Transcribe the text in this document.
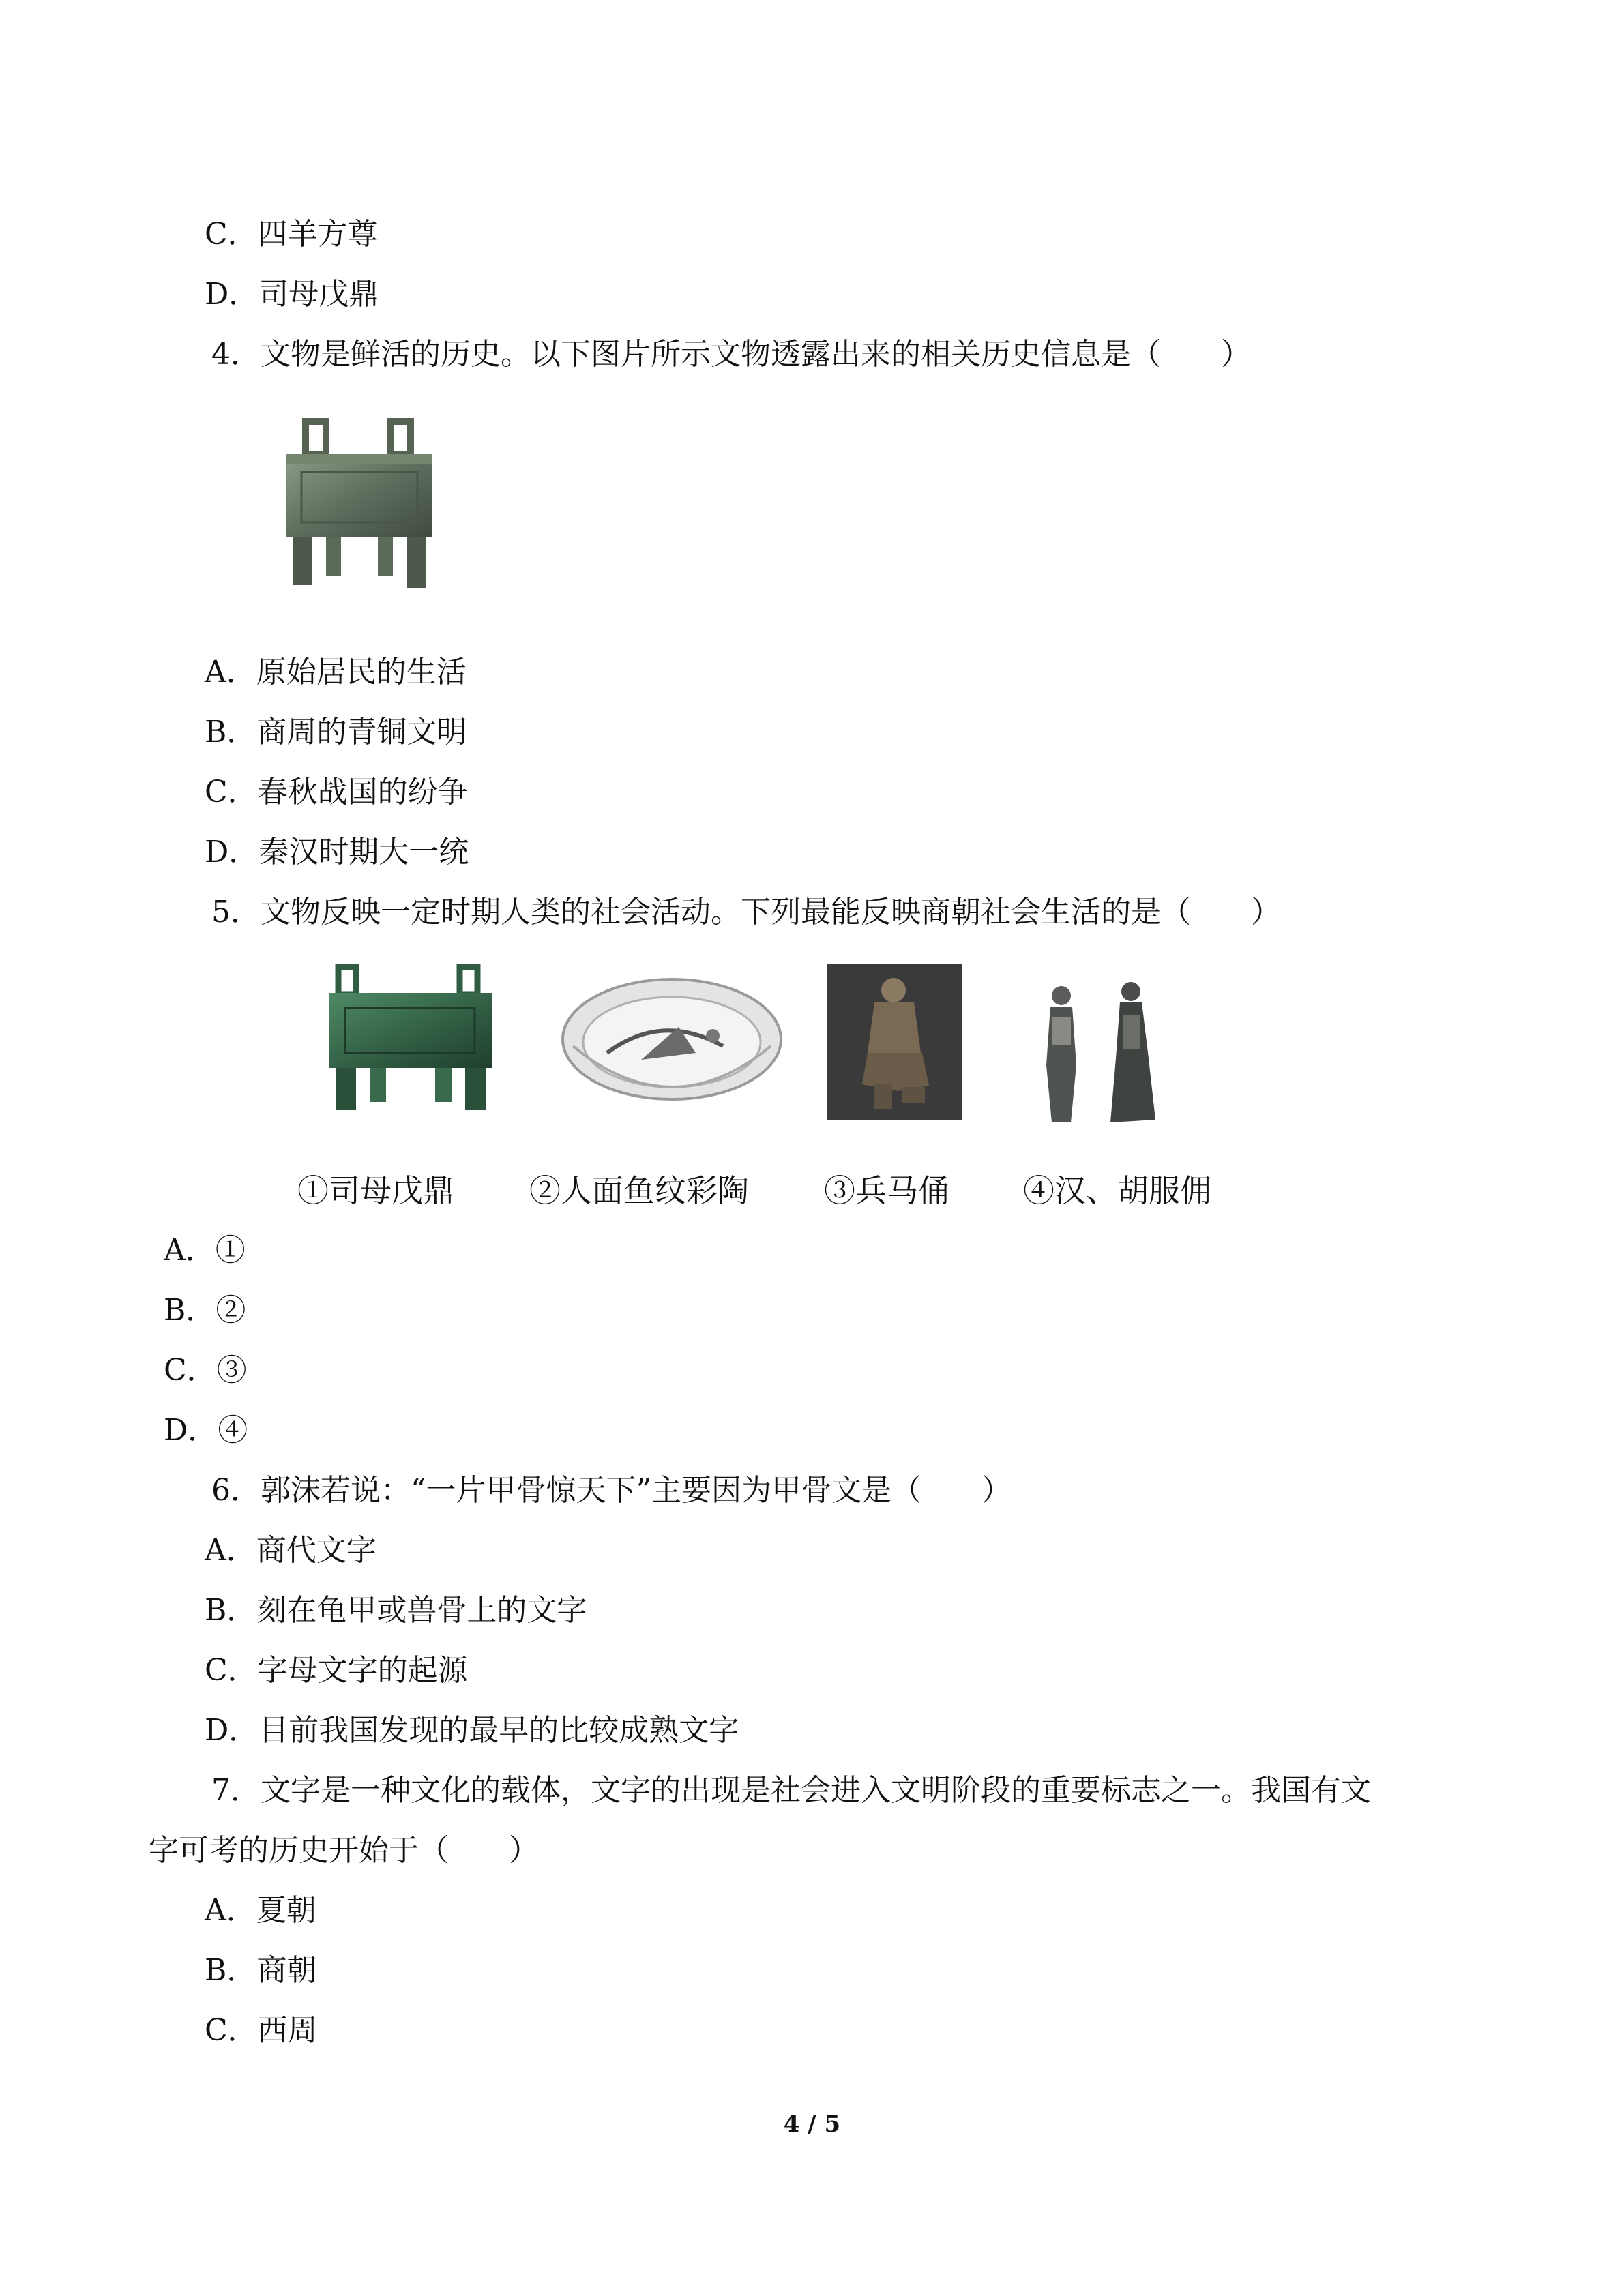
C．四羊方尊
D．司母戊鼎
4．文物是鲜活的历史。以下图片所示文物透露出来的相关历史信息是（　　）
A．原始居民的生活
B．商周的青铜文明
C．春秋战国的纷争
D．秦汉时期大一统
5．文物反映一定时期人类的社会活动。下列最能反映商朝社会生活的是（　　）
①司母戊鼎 ②人面鱼纹彩陶 ③兵马俑 ④汉、胡服佣
A．①
B．②
C．③
D．④
6．郭沫若说：“一片甲骨惊天下”主要因为甲骨文是（　　）
A．商代文字
B．刻在龟甲或兽骨上的文字
C．字母文字的起源
D．目前我国发现的最早的比较成熟文字
7．文字是一种文化的载体，文字的出现是社会进入文明阶段的重要标志之一。我国有文
字可考的历史开始于（　　）
A．夏朝
B．商朝
C．西周
4 / 5
